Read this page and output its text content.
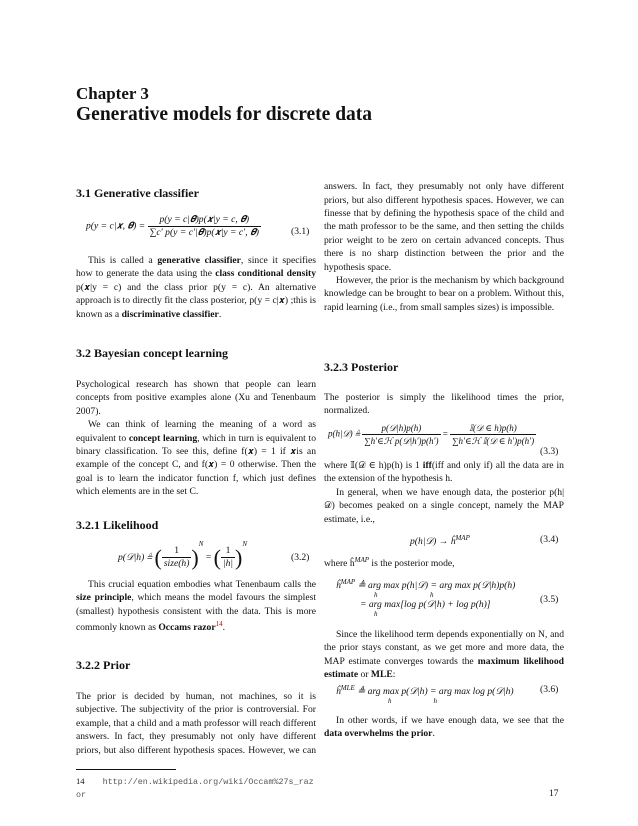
Chapter 3
Generative models for discrete data
3.1 Generative classifier
p(y = c|𝒙, 𝜽) = $\frac{\text{p(y = c|𝜽)p(𝒙|y = c, 𝜽)}}{\text{∑c′ p(y = c′|𝜽)p(𝒙|y = c′, 𝜽)}}$	(3.1)

This is called a generative classifier, since it specifies how to generate the data using the class conditional density p(𝒙|y = c) and the class prior p(y = c). An alternative approach is to directly fit the class posterior, p(y = c|𝒙) ;this is known as a discriminative classifier.

3.2 Bayesian concept learning

Psychological research has shown that people can learn concepts from positive examples alone (Xu and Tenenbaum 2007).

We can think of learning the meaning of a word as equivalent to concept learning, which in turn is equivalent to binary classification. To see this, define f(𝒙) = 1 if 𝒙is an example of the concept C, and f(𝒙) = 0 otherwise. Then the goal is to learn the indicator function f, which just defines which elements are in the set C.

3.2.1 Likelihood
p(𝒟|h) ≜ ( $\frac{1}{\text{size(h)}} )^N$ = ( $\frac{1}{|h|} )^N$
(3.2)

This crucial equation embodies what Tenenbaum calls the size principle, which means the model favours the simplest (smallest) hypothesis consistent with the data. This is more commonly known as Occams razor$^{14}$.

3.2.2 Prior

The prior is decided by human, not machines, so it is subjective. The subjectivity of the prior is controversial. For example, that a child and a math professor will reach different answers. In fact, they presumably not only have different priors, but also different hypothesis spaces. However, we can

14 http://en.wikipedia.org/wiki/Occam%27s_razor

answers. In fact, they presumably not only have different priors, but also different hypothesis spaces. However, we can finesse that by defining the hypothesis space of the child and the math professor to be the same, and then setting the childs prior weight to be zero on certain advanced concepts. Thus there is no sharp distinction between the prior and the hypothesis space.

However, the prior is the mechanism by which background knowledge can be brought to bear on a problem. Without this, rapid learning (i.e., from small samples sizes) is impossible.

3.2.3 Posterior

The posterior is simply the likelihood times the prior, normalized.

p(h|𝒟) ≜ $\frac{\text{p(𝒟|h)p(h)}}{\text{∑h′∈ℋ p(𝒟|h′)p(h′)}} = \frac{\text{𝕀(𝒟 ∈ h)p(h)}}{\text{∑h′∈ℋ 𝕀(𝒟 ∈ h′)p(h′)}}$
(3.3)

where 𝕀(𝒟 ∈ h)p(h) is 1 iff(iff and only if) all the data are in the extension of the hypothesis h.

In general, when we have enough data, the posterior p(h|𝒟) becomes peaked on a single concept, namely the MAP estimate, i.e.,

p(h|𝒟) → $ĥ^{MAP}$	(3.4)

where $ĥ^{MAP}$ is the posterior mode,

$ĥ^{MAP}$ ≜ arg max p(h|𝒟) = arg max p(𝒟|h)p(h)
h                              h
= arg max[log p(𝒟|h) + log p(h)]
h
(3.5)

Since the likelihood term depends exponentially on N, and the prior stays constant, as we get more and more data, the MAP estimate converges towards the maximum likelihood estimate or MLE:

$ĥ^{MLE}$ ≜ arg max p(𝒟|h) = arg max log p(𝒟|h)
h                        h
(3.6)

In other words, if we have enough data, we see that the data overwhelms the prior.

17
